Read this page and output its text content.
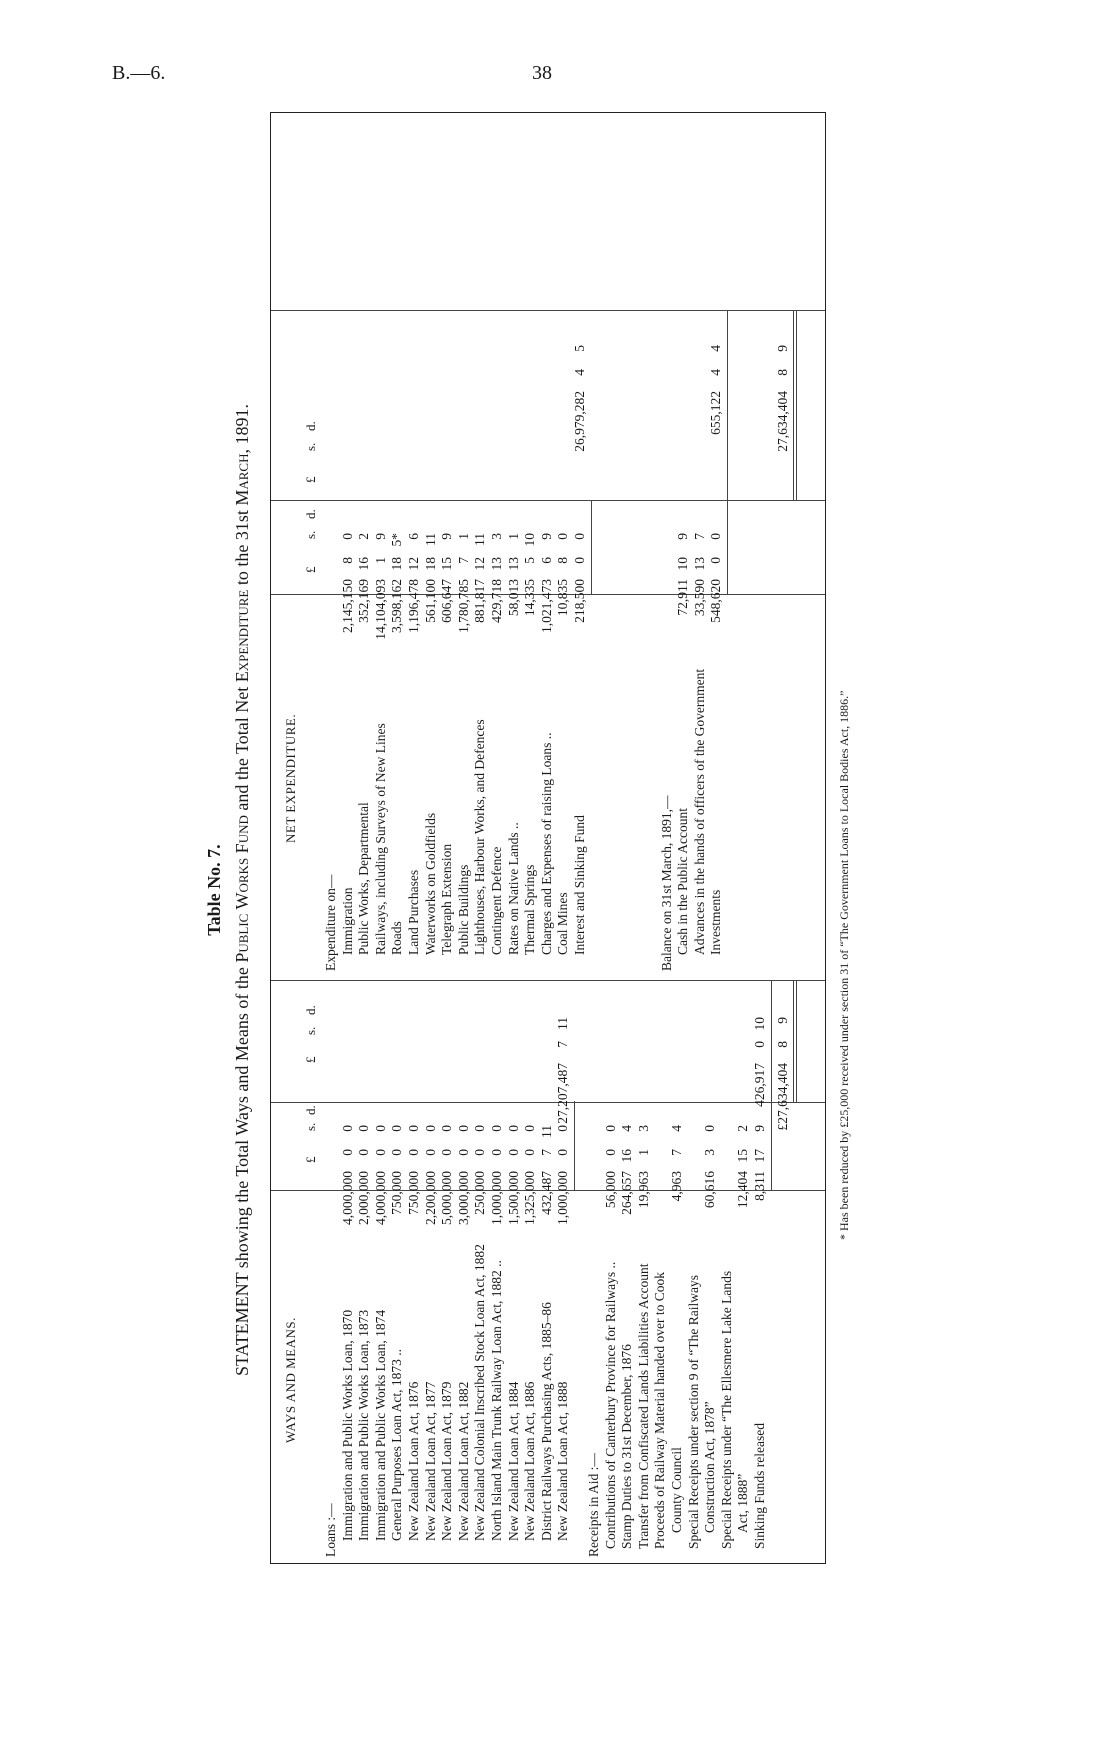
B.—6.	38
Table No. 7.
STATEMENT showing the Total Ways and Means of the Public Works Fund and the Total Net Expenditure to the 31st March, 1891.
WAYS AND MEANS.
NET EXPENDITURE.
£
s.
d.
£
s.
d.
£
s.
d.
£
s.
d.
Loans :— Immigration and Public Works Loan, 1870
4,000,000
0
0
Immigration and Public Works Loan, 1873
2,000,000
0
0
Immigration and Public Works Loan, 1874
4,000,000
0
0
General Purposes Loan Act, 1873 ..
750,000
0
0
New Zealand Loan Act, 1876
750,000
0
0
New Zealand Loan Act, 1877
2,200,000
0
0
New Zealand Loan Act, 1879
5,000,000
0
0
New Zealand Loan Act, 1882
3,000,000
0
0
New Zealand Colonial Inscribed Stock Loan Act, 1882
250,000
0
0
North Island Main Trunk Railway Loan Act, 1882 ..
1,000,000
0
0
New Zealand Loan Act, 1884
1,500,000
0
0
New Zealand Loan Act, 1886
1,325,000
0
0
District Railways Purchasing Acts, 1885–86
432,487
7
11
New Zealand Loan Act, 1888
1,000,000
0
0
27,207,487
7
11
Receipts in Aid :— Contributions of Canterbury Province for Railways ..
56,000
0
0
Stamp Duties to 31st December, 1876
264,657
16
4
Transfer from Confiscated Lands Liabilities Account
19,963
1
3
Proceeds of Railway Material handed over to Cook County Council
4,963
7
4
Special Receipts under section 9 of “The Railways Construction Act, 1878”
60,616
3
0
Special Receipts under “The Ellesmere Lake Lands Act, 1888”
12,404
15
2
Sinking Funds released
8,311
17
9
426,917
0
10
£27,634,404
8
9
Expenditure on— Immigration
2,145,150
8
0
Public Works, Departmental
352,169
16
2
Railways, including Surveys of New Lines
14,104,093
1
9
Roads
3,598,162
18
5*
Land Purchases
1,196,478
12
6
Waterworks on Goldfields
561,100
18
11
Telegraph Extension
606,647
15
9
Public Buildings
1,780,785
7
1
Lighthouses, Harbour Works, and Defences
881,817
12
11
Contingent Defence
429,718
13
3
Rates on Native Lands ..
58,013
13
1
Thermal Springs
14,335
5
10
Charges and Expenses of raising Loans ..
1,021,473
6
9
Coal Mines
10,835
8
0
Interest and Sinking Fund
218,500
0
0
26,979,282
4
5
Balance on 31st March, 1891,— Cash in the Public Account
72,911
10
9
Advances in the hands of officers of the Government
33,590
13
7
Investments
548,620
0
0
655,122
4
4
27,634,404
8
9
* Has been reduced by £25,000 received under section 31 of “The Government Loans to Local Bodies Act, 1886.”
